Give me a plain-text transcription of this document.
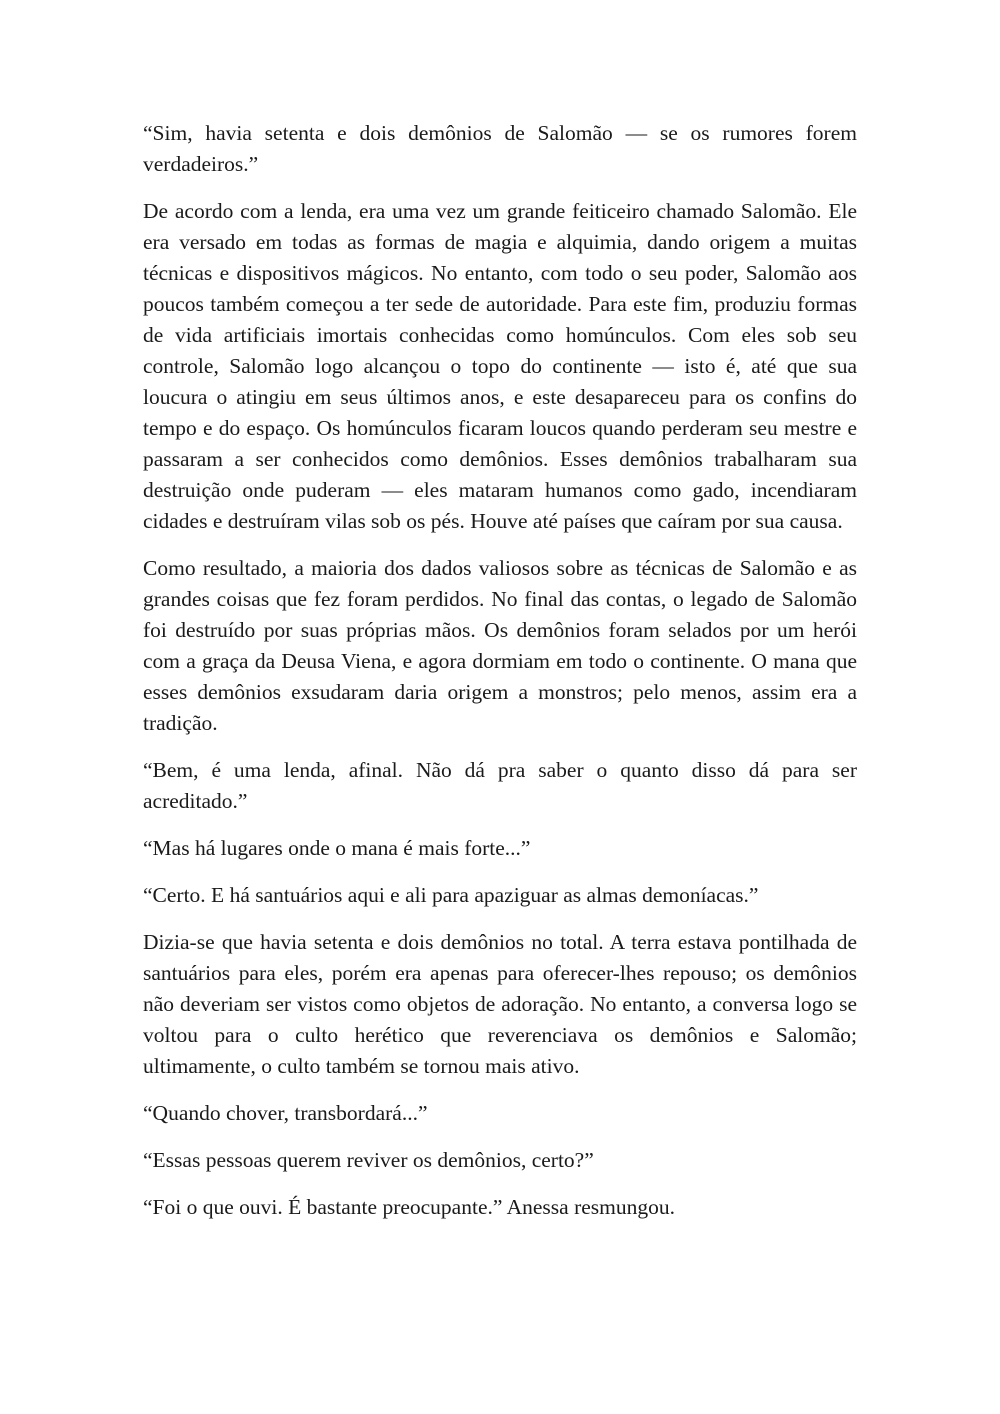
“Sim, havia setenta e dois demônios de Salomão — se os rumores forem verdadeiros.”

De acordo com a lenda, era uma vez um grande feiticeiro chamado Salomão. Ele era versado em todas as formas de magia e alquimia, dando origem a muitas técnicas e dispositivos mágicos. No entanto, com todo o seu poder, Salomão aos poucos também começou a ter sede de autoridade. Para este fim, produziu formas de vida artificiais imortais conhecidas como homúnculos. Com eles sob seu controle, Salomão logo alcançou o topo do continente — isto é, até que sua loucura o atingiu em seus últimos anos, e este desapareceu para os confins do tempo e do espaço. Os homúnculos ficaram loucos quando perderam seu mestre e passaram a ser conhecidos como demônios. Esses demônios trabalharam sua destruição onde puderam — eles mataram humanos como gado, incendiaram cidades e destruíram vilas sob os pés. Houve até países que caíram por sua causa.

Como resultado, a maioria dos dados valiosos sobre as técnicas de Salomão e as grandes coisas que fez foram perdidos. No final das contas, o legado de Salomão foi destruído por suas próprias mãos. Os demônios foram selados por um herói com a graça da Deusa Viena, e agora dormiam em todo o continente. O mana que esses demônios exsudaram daria origem a monstros; pelo menos, assim era a tradição.

“Bem, é uma lenda, afinal. Não dá pra saber o quanto disso dá para ser acreditado.”

“Mas há lugares onde o mana é mais forte...”

“Certo. E há santuários aqui e ali para apaziguar as almas demoníacas.”

Dizia-se que havia setenta e dois demônios no total. A terra estava pontilhada de santuários para eles, porém era apenas para oferecer-lhes repouso; os demônios não deveriam ser vistos como objetos de adoração. No entanto, a conversa logo se voltou para o culto herético que reverenciava os demônios e Salomão; ultimamente, o culto também se tornou mais ativo.

“Quando chover, transbordará...”

“Essas pessoas querem reviver os demônios, certo?”

“Foi o que ouvi. É bastante preocupante.” Anessa resmungou.
